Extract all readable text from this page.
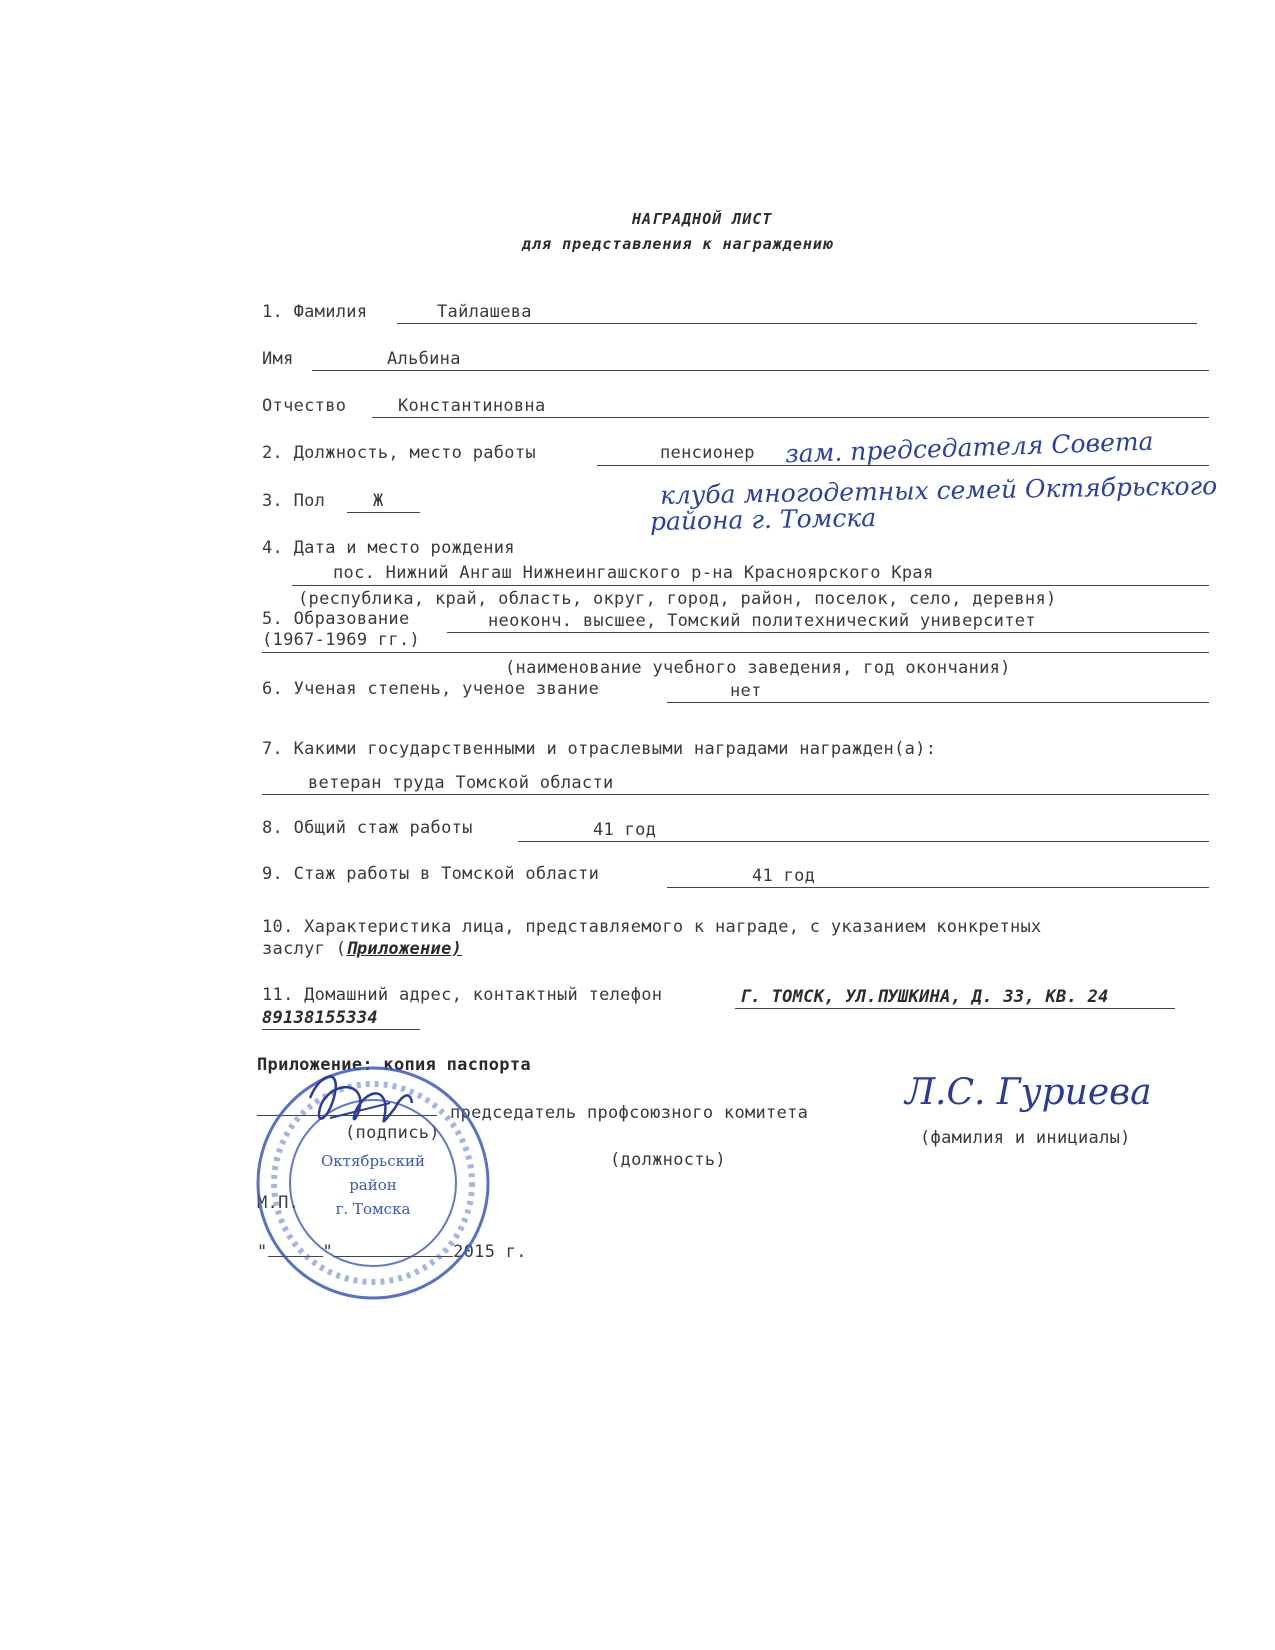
НАГРАДНОЙ ЛИСТ
для представления к награждению
1. Фамилия	Тайлашева
Имя	Альбина
Отчество	Константиновна
2. Должность, место работы	пенсионер зам. председателя Совета
клуба многодетных семей Октябрьского
района г. Томска
3. Пол	Ж
4. Дата и место рождения
пос. Нижний Ангаш Нижнеингашского р-на Красноярского Края
(республика, край, область, округ, город, район, поселок, село, деревня)
5. Образование	неоконч. высшее, Томский политехнический университет
(1967-1969 гг.)
(наименование учебного заведения, год окончания)
6. Ученая степень, ученое звание	нет
7. Какими государственными и отраслевыми наградами награжден(а):
ветеран труда Томской области
8. Общий стаж работы	41 год
9. Стаж работы в Томской области	41 год
10. Характеристика лица, представляемого к награде, с указанием конкретных
заслуг (Приложение)
11. Домашний адрес, контактный телефон	Г. ТОМСК, УЛ.ПУШКИНА, Д. 33, КВ. 24
89138155334
Приложение: копия паспорта
председатель профсоюзного комитета
(подпись)
(должность)
Л.С. Гуриева
(фамилия и инициалы)
М.П.
"	"	2015 г.
Октябрьский
район
г. Томска
